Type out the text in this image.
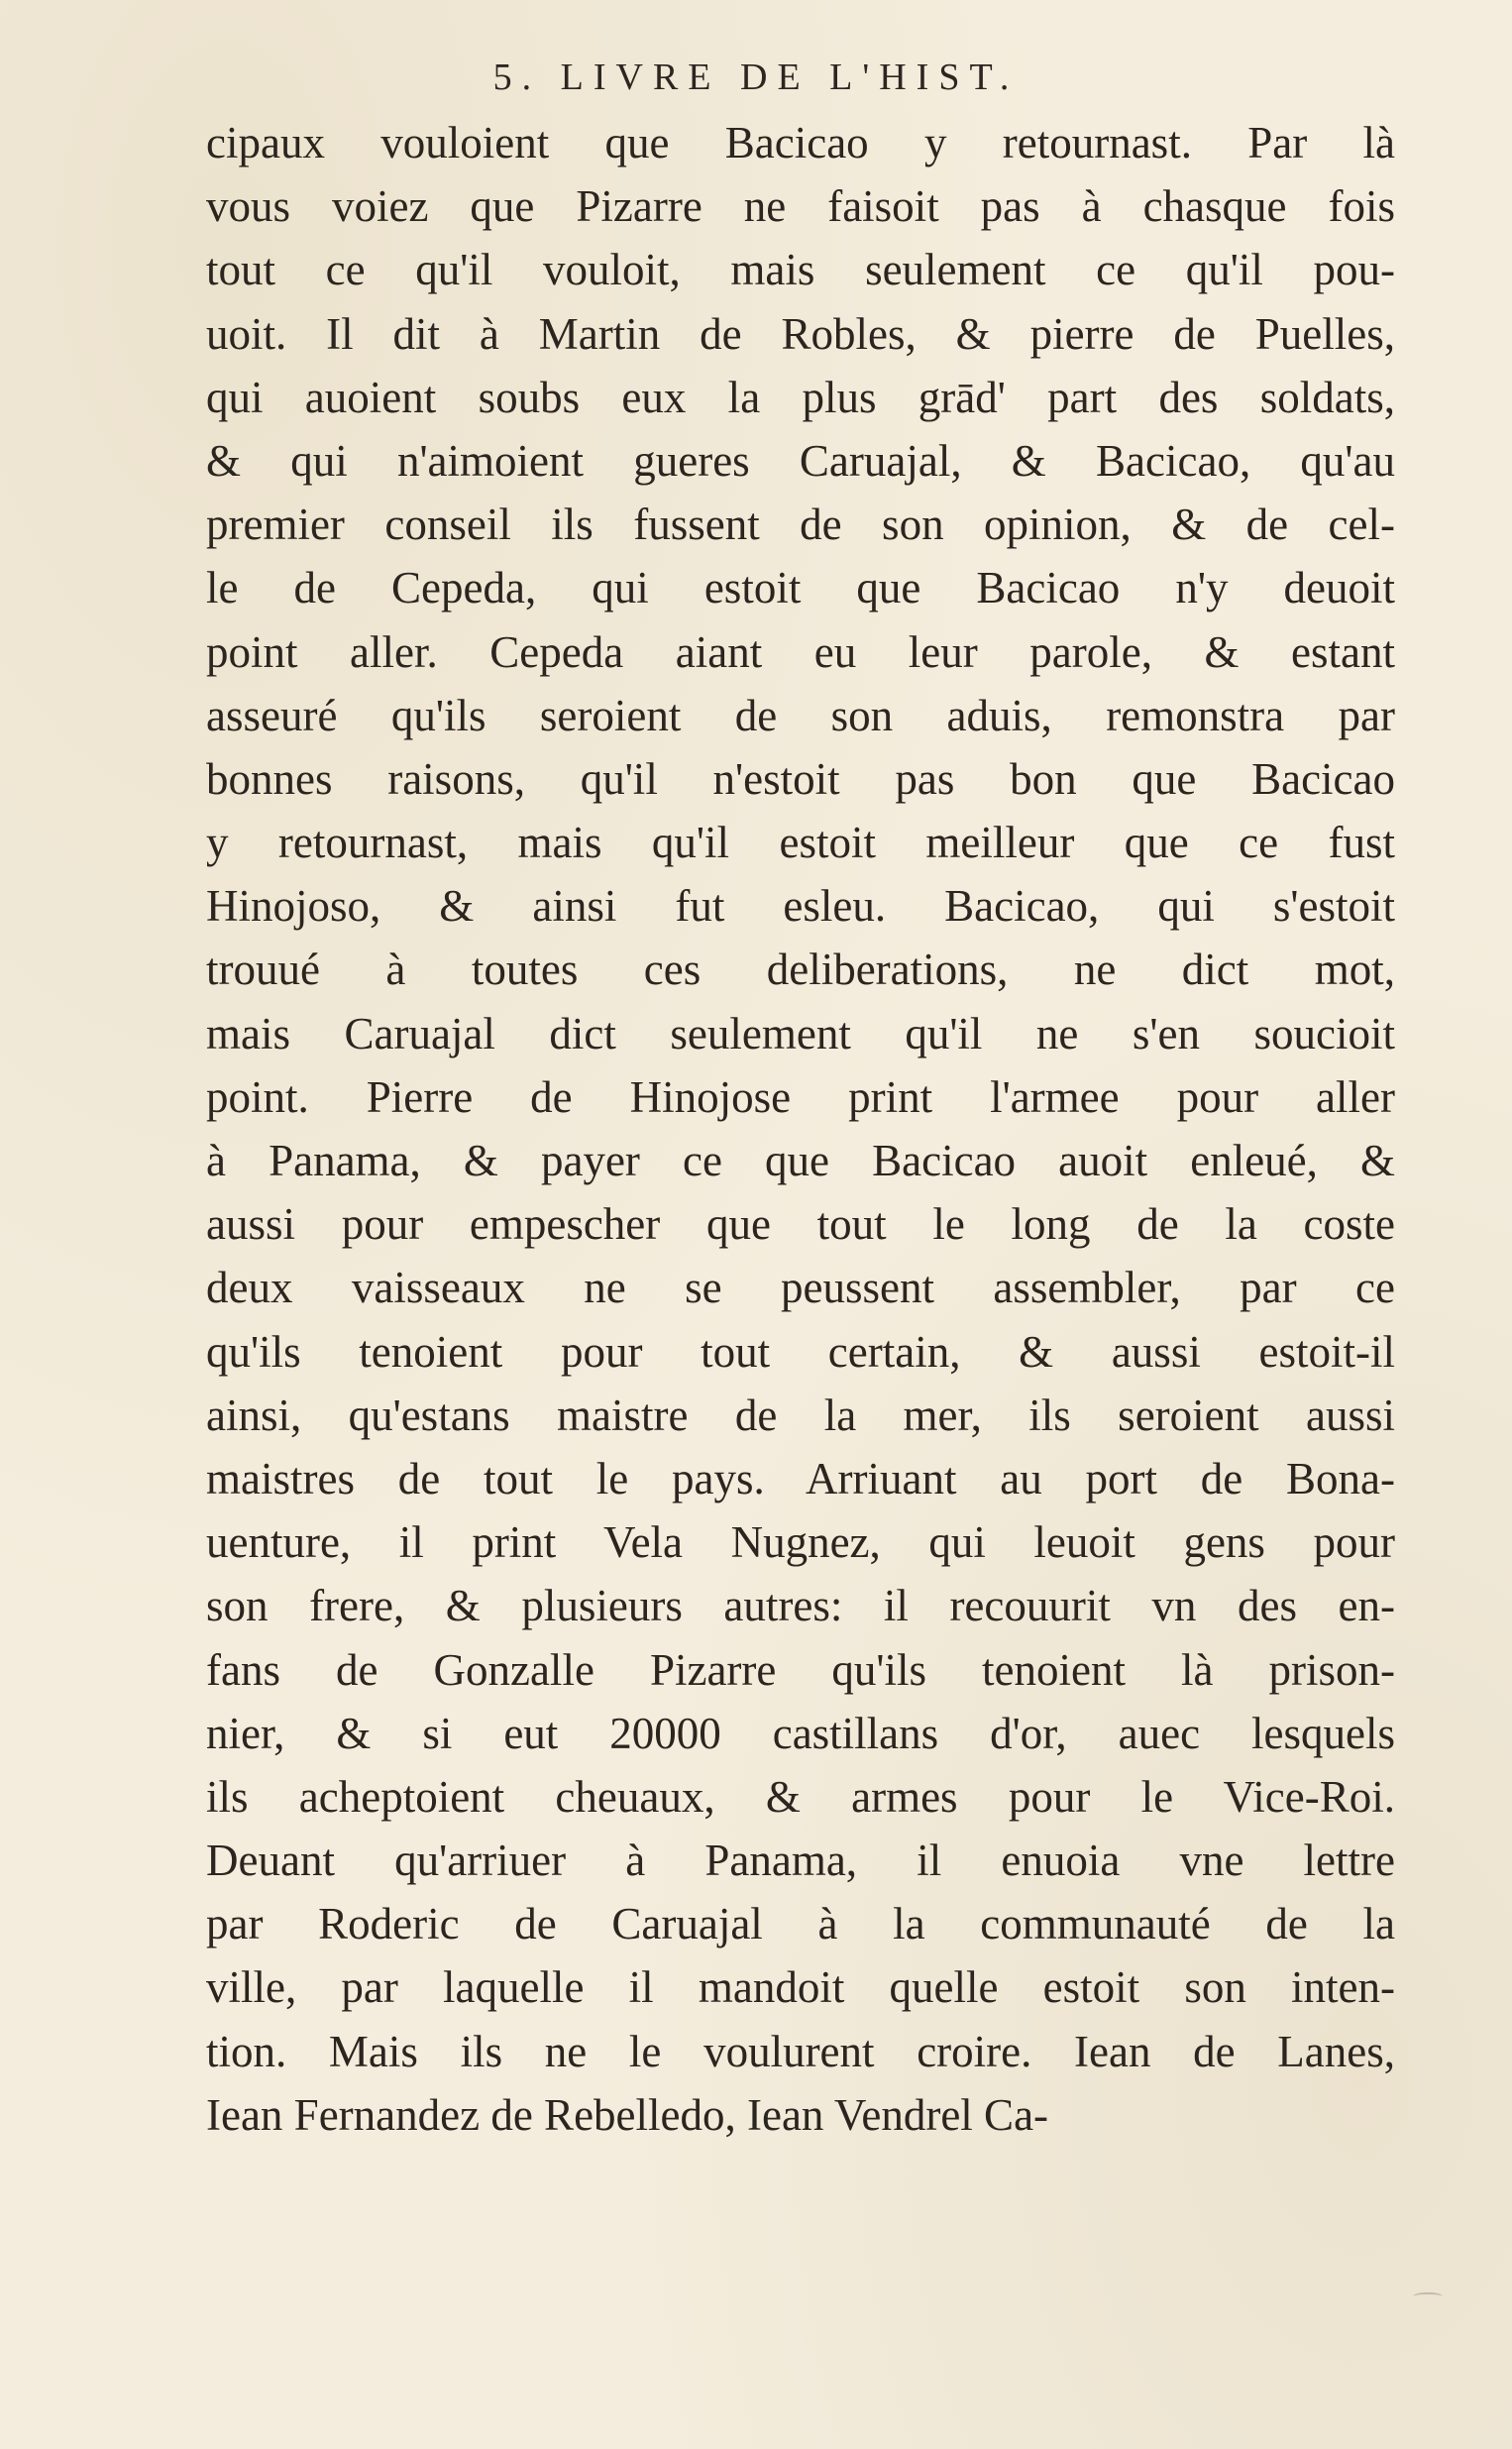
5. LIVRE DE L'HIST.
cipaux vouloient que Bacicao y retournast. Par là
vous voiez que Pizarre ne faisoit pas à chasque fois
tout ce qu'il vouloit, mais seulement ce qu'il pou-
uoit. Il dit à Martin de Robles, & pierre de Puelles,
qui auoient soubs eux la plus grād' part des soldats,
& qui n'aimoient gueres Caruajal, & Bacicao, qu'au
premier conseil ils fussent de son opinion, & de cel-
le de Cepeda, qui estoit que Bacicao n'y deuoit
point aller. Cepeda aiant eu leur parole, & estant
asseuré qu'ils seroient de son aduis, remonstra par
bonnes raisons, qu'il n'estoit pas bon que Bacicao
y retournast, mais qu'il estoit meilleur que ce fust
Hinojoso, & ainsi fut esleu. Bacicao, qui s'estoit
trouué à toutes ces deliberations, ne dict mot,
mais Caruajal dict seulement qu'il ne s'en soucioit
point. Pierre de Hinojose print l'armee pour aller
à Panama, & payer ce que Bacicao auoit enleué, &
aussi pour empescher que tout le long de la coste
deux vaisseaux ne se peussent assembler, par ce
qu'ils tenoient pour tout certain, & aussi estoit-il
ainsi, qu'estans maistre de la mer, ils seroient aussi
maistres de tout le pays. Arriuant au port de Bona-
uenture, il print Vela Nugnez, qui leuoit gens pour
son frere, & plusieurs autres: il recouurit vn des en-
fans de Gonzalle Pizarre qu'ils tenoient là prison-
nier, & si eut 20000 castillans d'or, auec lesquels
ils acheptoient cheuaux, & armes pour le Vice-Roi.
Deuant qu'arriuer à Panama, il enuoia vne lettre
par Roderic de Caruajal à la communauté de la
ville, par laquelle il mandoit quelle estoit son inten-
tion. Mais ils ne le voulurent croire. Iean de Lanes,
Iean Fernandez de Rebelledo, Iean Vendrel Ca-
